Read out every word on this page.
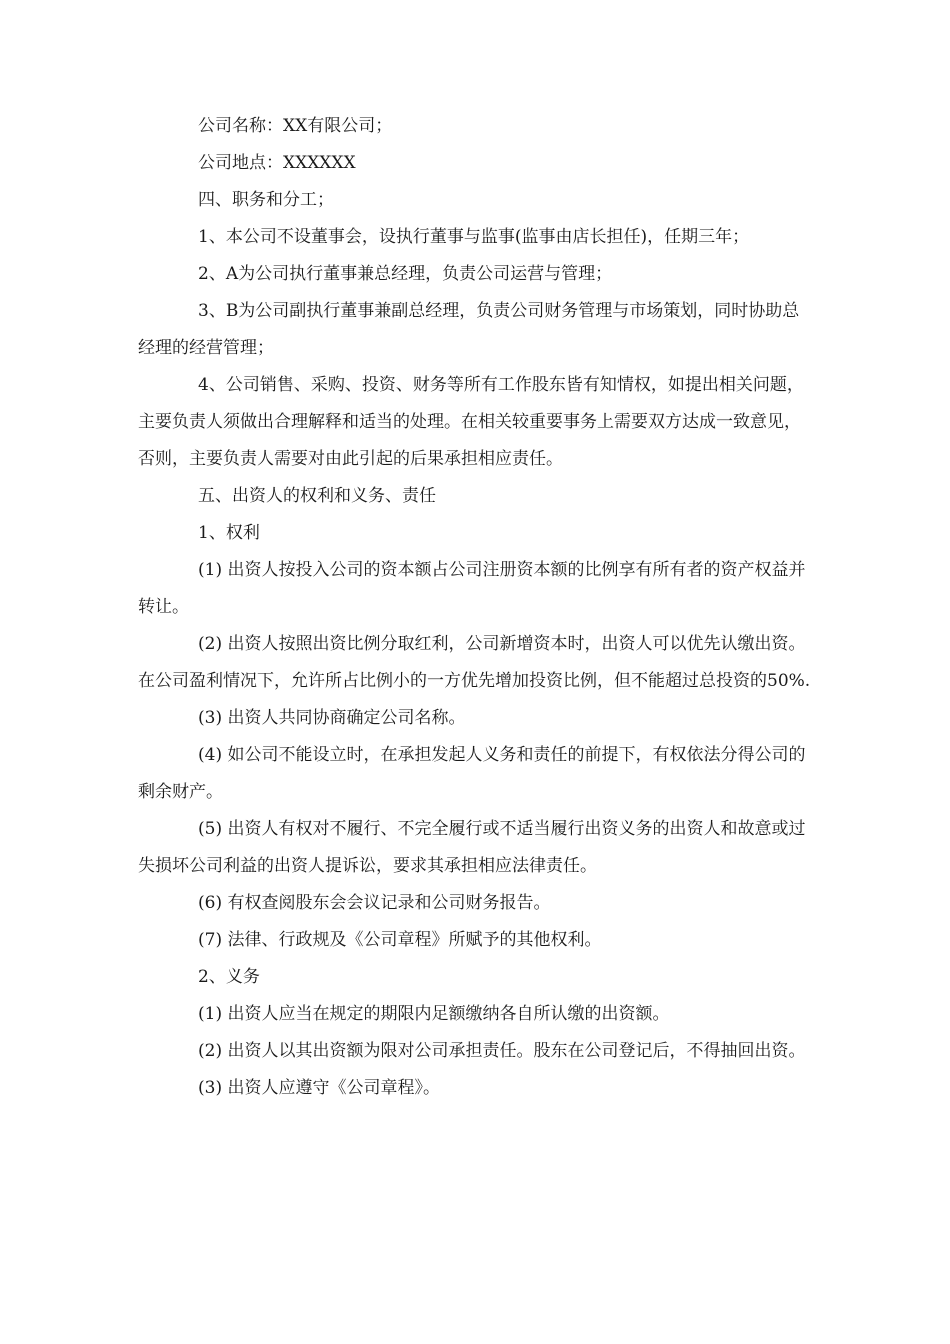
公司名称：XX有限公司；

公司地点：XXXXXX

四、职务和分工；

1、本公司不设董事会，设执行董事与监事(监事由店长担任)，任期三年；

2、A为公司执行董事兼总经理，负责公司运营与管理；

3、B为公司副执行董事兼副总经理，负责公司财务管理与市场策划，同时协助总经理的经营管理；

4、公司销售、采购、投资、财务等所有工作股东皆有知情权，如提出相关问题，主要负责人须做出合理解释和适当的处理。在相关较重要事务上需要双方达成一致意见，否则，主要负责人需要对由此引起的后果承担相应责任。

五、出资人的权利和义务、责任

1、权利

(1) 出资人按投入公司的资本额占公司注册资本额的比例享有所有者的资产权益并转让。

(2) 出资人按照出资比例分取红利，公司新增资本时，出资人可以优先认缴出资。在公司盈利情况下，允许所占比例小的一方优先增加投资比例，但不能超过总投资的50%.

(3) 出资人共同协商确定公司名称。

(4) 如公司不能设立时，在承担发起人义务和责任的前提下，有权依法分得公司的剩余财产。

(5) 出资人有权对不履行、不完全履行或不适当履行出资义务的出资人和故意或过失损坏公司利益的出资人提诉讼，要求其承担相应法律责任。

(6) 有权查阅股东会会议记录和公司财务报告。

(7) 法律、行政规及《公司章程》所赋予的其他权利。

2、义务

(1) 出资人应当在规定的期限内足额缴纳各自所认缴的出资额。

(2) 出资人以其出资额为限对公司承担责任。股东在公司登记后，不得抽回出资。

(3) 出资人应遵守《公司章程》。
